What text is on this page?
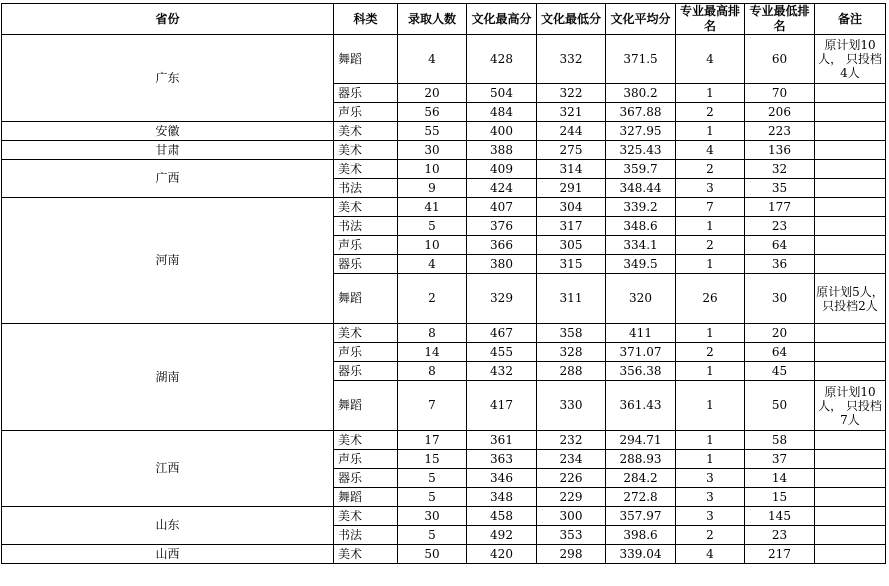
省份	科类	录取人数	文化最高分	文化最低分	文化平均分	专业最高排名	专业最低排名	备注
广东	舞蹈	4	428	332	371.5	4	60	原计划10人， 只投档4人
	器乐	20	504	322	380.2	1	70	
	声乐	56	484	321	367.88	2	206	
安徽	美术	55	400	244	327.95	1	223	
甘肃	美术	30	388	275	325.43	4	136	
广西	美术	10	409	314	359.7	2	32	
	书法	9	424	291	348.44	3	35	
河南	美术	41	407	304	339.2	7	177	
	书法	5	376	317	348.6	1	23	
	声乐	10	366	305	334.1	2	64	
	器乐	4	380	315	349.5	1	36	
	舞蹈	2	329	311	320	26	30	原计划5人， 只投档2人
湖南	美术	8	467	358	411	1	20	
	声乐	14	455	328	371.07	2	64	
	器乐	8	432	288	356.38	1	45	
	舞蹈	7	417	330	361.43	1	50	原计划10人， 只投档7人
江西	美术	17	361	232	294.71	1	58	
	声乐	15	363	234	288.93	1	37	
	器乐	5	346	226	284.2	3	14	
	舞蹈	5	348	229	272.8	3	15	
山东	美术	30	458	300	357.97	3	145	
	书法	5	492	353	398.6	2	23	
山西	美术	50	420	298	339.04	4	217	
